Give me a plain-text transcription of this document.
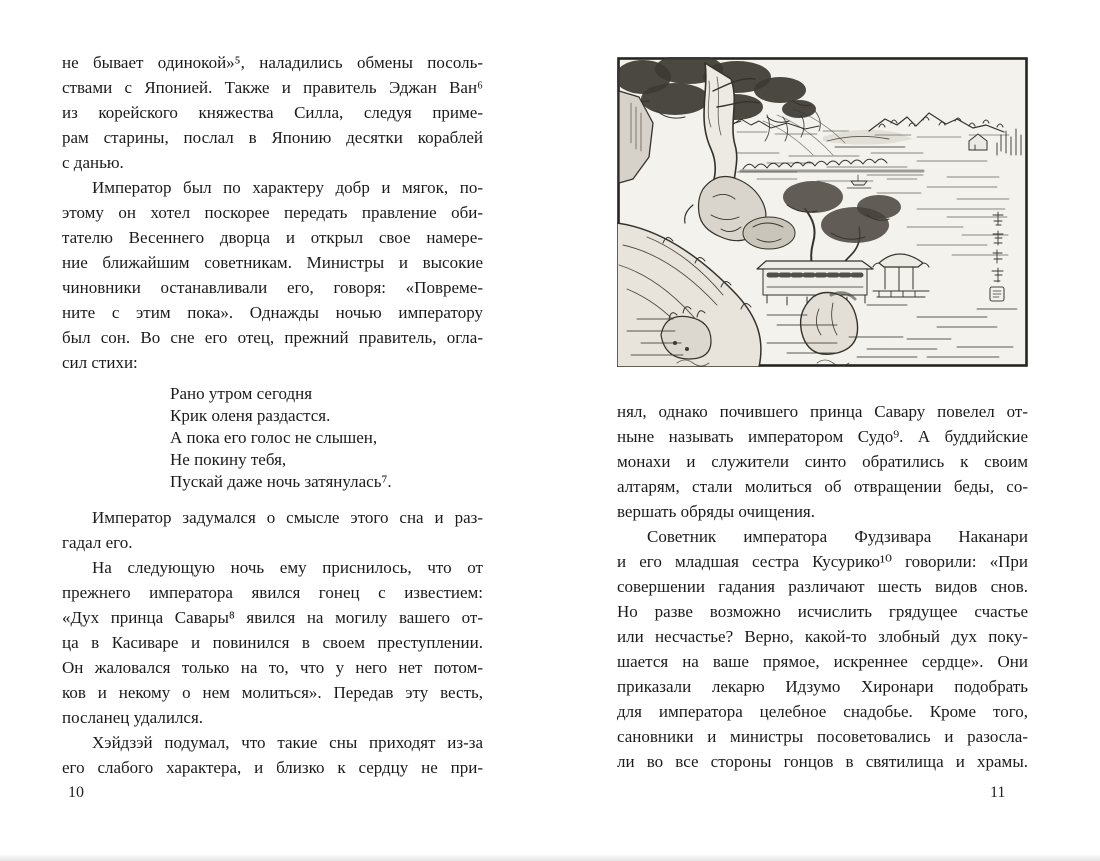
не бывает одинокой»⁵, наладились обмены посоль-
ствами с Японией. Также и правитель Эджан Ван⁶
из корейского княжества Силла, следуя приме-
рам старины, послал в Японию десятки кораблей
с данью.
Император был по характеру добр и мягок, по-
этому он хотел поскорее передать правление оби-
тателю Весеннего дворца и открыл свое намере-
ние ближайшим советникам. Министры и высокие
чиновники останавливали его, говоря: «Повреме-
ните с этим пока». Однажды ночью императору
был сон. Во сне его отец, прежний правитель, огла-
сил стихи:
Рано утром сегодня
Крик оленя раздастся.
А пока его голос не слышен,
Не покину тебя,
Пускай даже ночь затянулась⁷.
Император задумался о смысле этого сна и раз-
гадал его.
На следующую ночь ему приснилось, что от
прежнего императора явился гонец с известием:
«Дух принца Савары⁸ явился на могилу вашего от-
ца в Касиваре и повинился в своем преступлении.
Он жаловался только на то, что у него нет потом-
ков и некому о нем молиться». Передав эту весть,
посланец удалился.
Хэйдзэй подумал, что такие сны приходят из-за
его слабого характера, и близко к сердцу не при-
10
нял, однако почившего принца Савару повелел от-
ныне называть императором Судо⁹. А буддийские
монахи и служители синто обратились к своим
алтарям, стали молиться об отвращении беды, со-
вершать обряды очищения.
Советник императора Фудзивара Наканари
и его младшая сестра Кусурико¹⁰ говорили: «При
совершении гадания различают шесть видов снов.
Но разве возможно исчислить грядущее счастье
или несчастье? Верно, какой-то злобный дух поку-
шается на ваше прямое, искреннее сердце». Они
приказали лекарю Идзумо Хиронари подобрать
для императора целебное снадобье. Кроме того,
сановники и министры посоветовались и разосла-
ли во все стороны гонцов в святилища и храмы.
11
